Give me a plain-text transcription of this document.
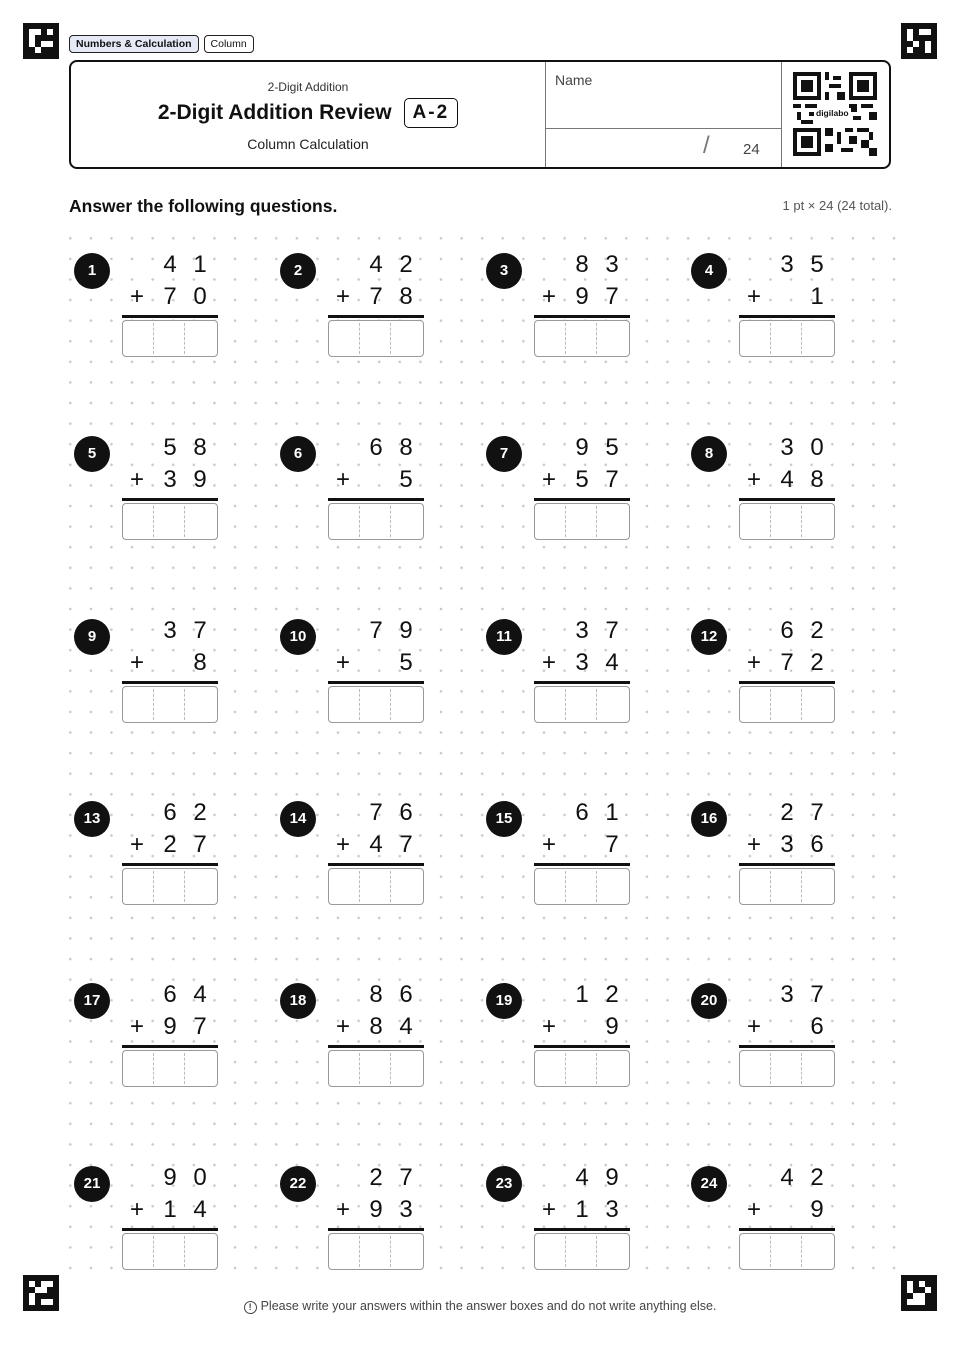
Numbers & Calculation	Column
2-Digit Addition
2-Digit Addition Review	A-2
Column Calculation
Name
/ 24
digilabo
Answer the following questions.	1 pt × 24 (24 total).
1	4 1
7 0
+
2	4 2
7 8
+
3	8 3
9 7
+
4	3 5
1
+
5	5 8
3 9
+
6	6 8
5
+
7	9 5
5 7
+
8	3 0
4 8
+
9	3 7
8
+
10	7 9
5
+
11	3 7
3 4
+
12	6 2
7 2
+
13	6 2
2 7
+
14	7 6
4 7
+
15	6 1
7
+
16	2 7
3 6
+
17	6 4
9 7
+
18	8 6
8 4
+
19	1 2
9
+
20	3 7
6
+
21	9 0
1 4
+
22	2 7
9 3
+
23	4 9
1 3
+
24	4 2
9
+
! Please write your answers within the answer boxes and do not write anything else.
